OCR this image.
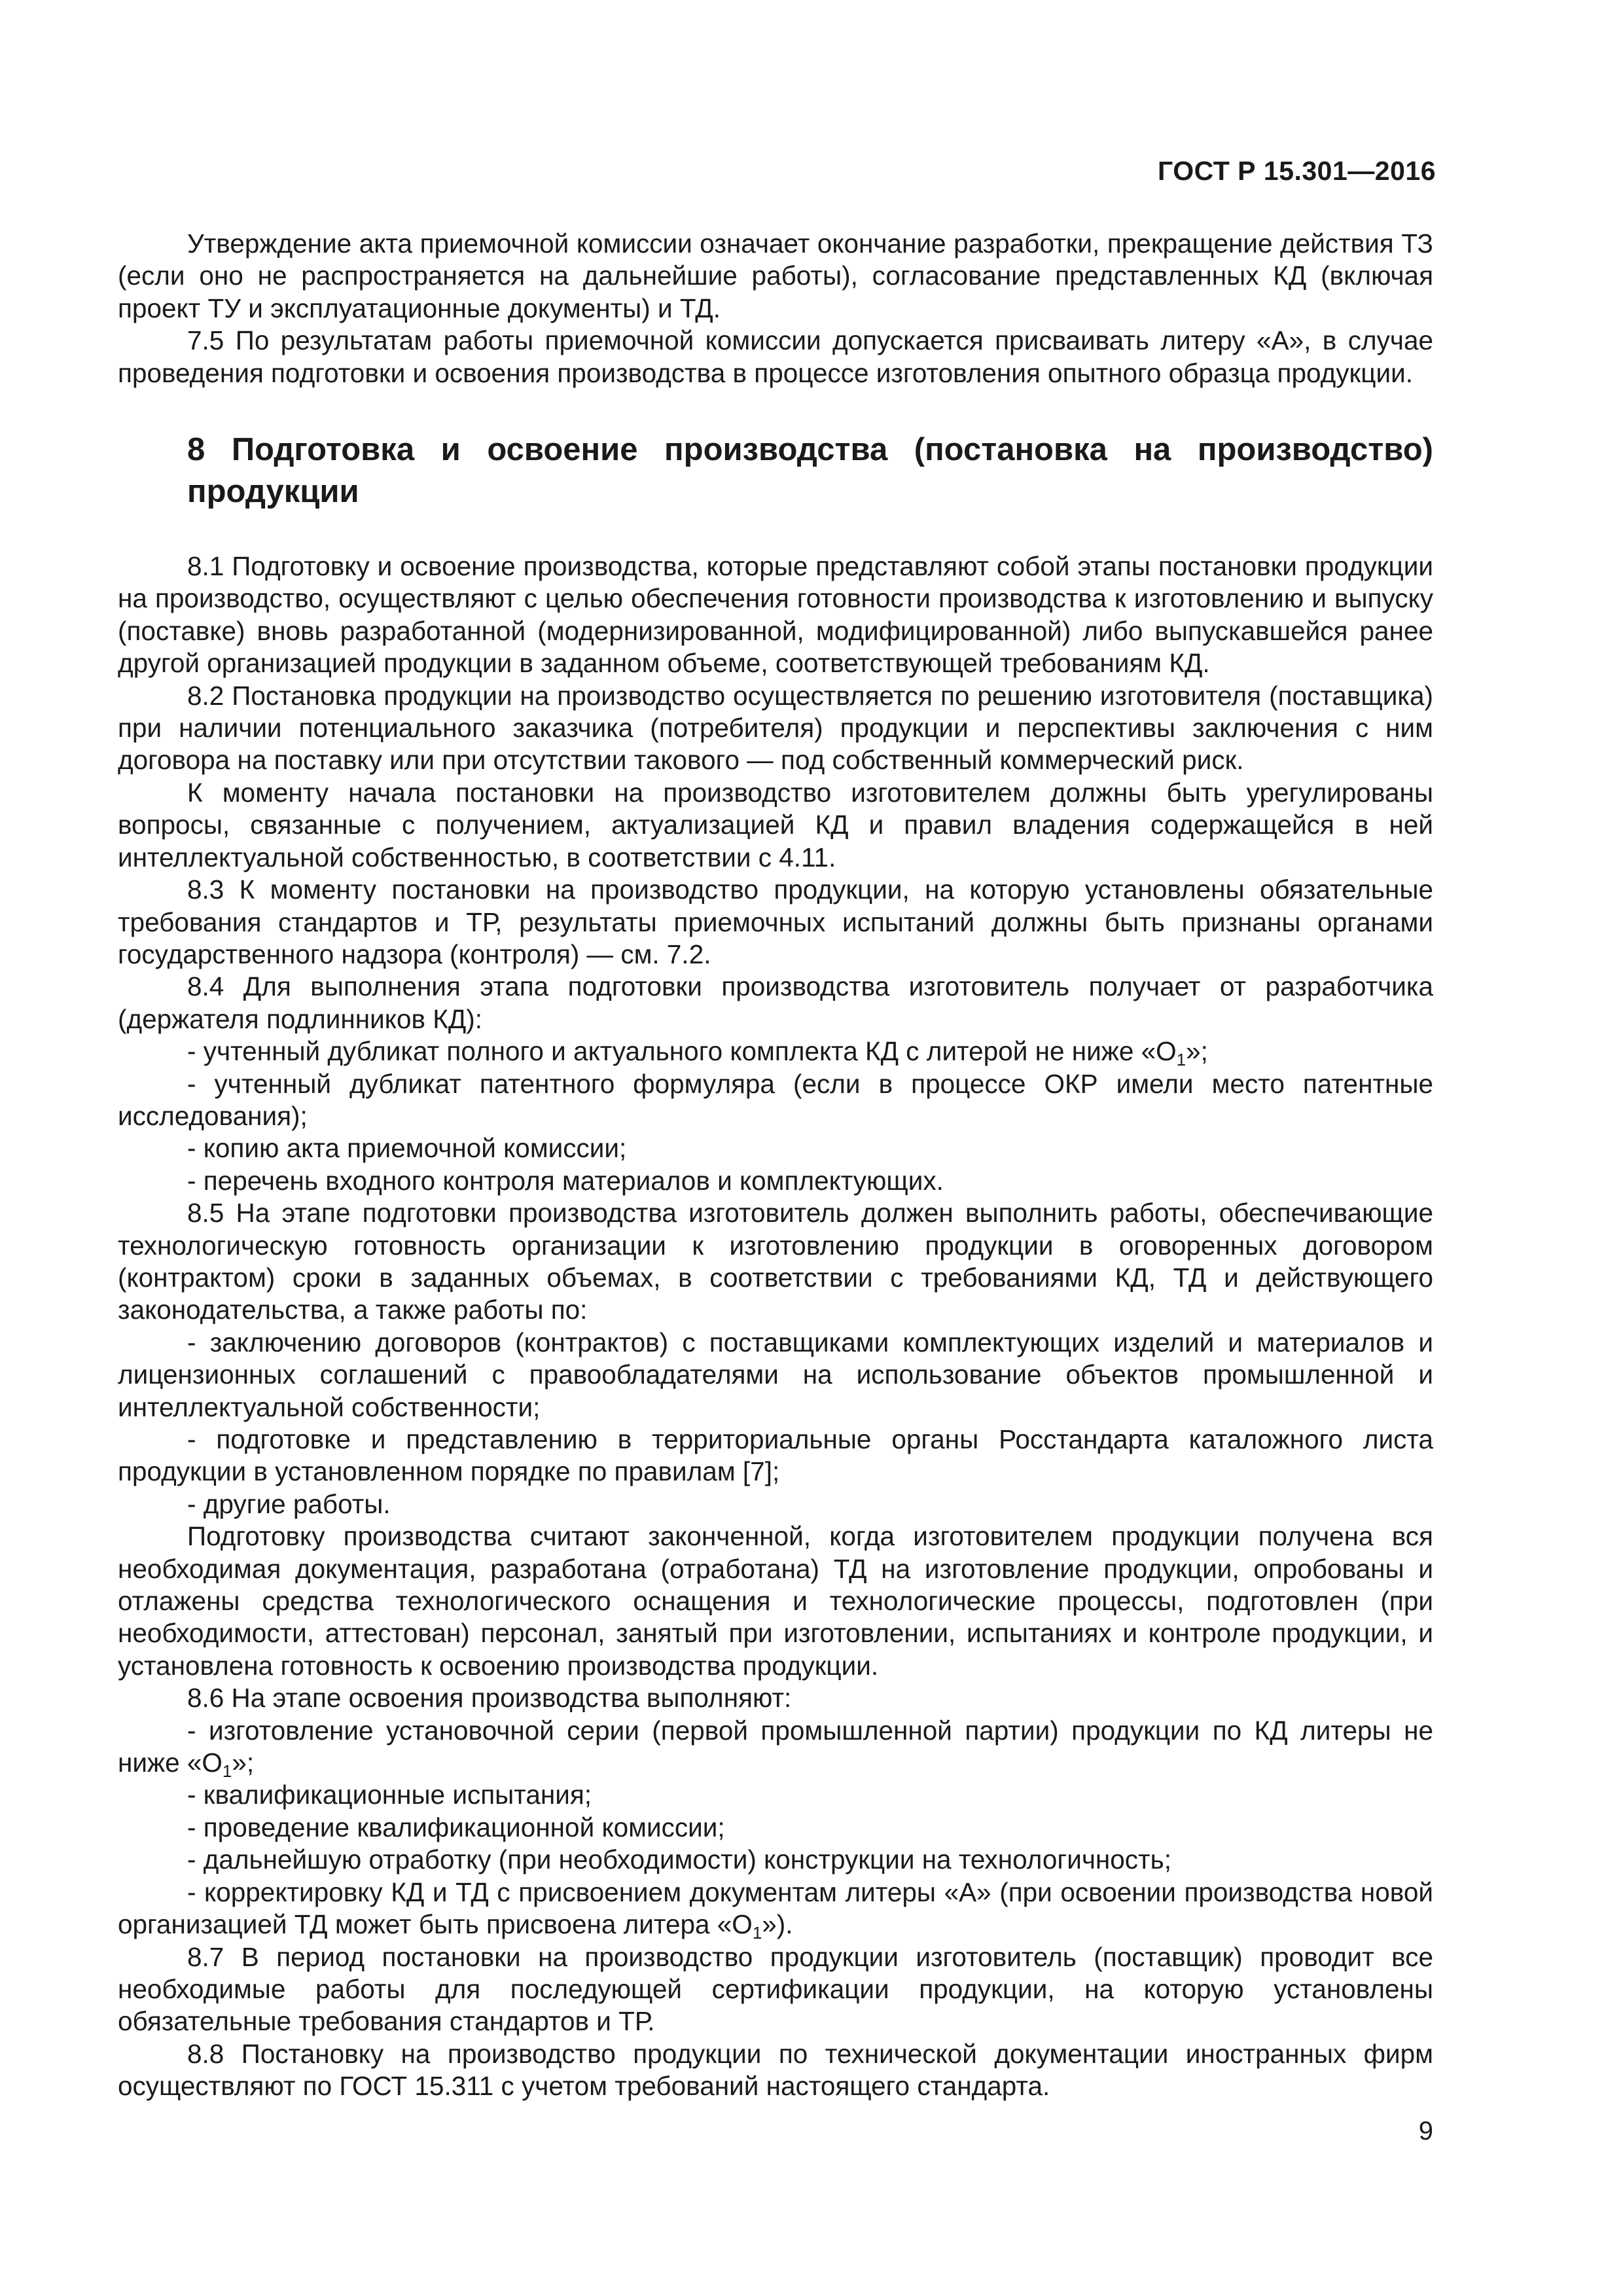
ГОСТ Р 15.301—2016

Утверждение акта приемочной комиссии означает окончание разработки, прекращение действия ТЗ (если оно не распространяется на дальнейшие работы), согласование представленных КД (включая проект ТУ и эксплуатационные документы) и ТД.

7.5 По результатам работы приемочной комиссии допускается присваивать литеру «А», в случае проведения подготовки и освоения производства в процессе изготовления опытного образца продукции.

8 Подготовка и освоение производства (постановка на производство) продукции

8.1 Подготовку и освоение производства, которые представляют собой этапы постановки продукции на производство, осуществляют с целью обеспечения готовности производства к изготовлению и выпуску (поставке) вновь разработанной (модернизированной, модифицированной) либо выпускавшейся ранее другой организацией продукции в заданном объеме, соответствующей требованиям КД.

8.2 Постановка продукции на производство осуществляется по решению изготовителя (поставщика) при наличии потенциального заказчика (потребителя) продукции и перспективы заключения с ним договора на поставку или при отсутствии такового — под собственный коммерческий риск.

К моменту начала постановки на производство изготовителем должны быть урегулированы вопросы, связанные с получением, актуализацией КД и правил владения содержащейся в ней интеллектуальной собственностью, в соответствии с 4.11.

8.3 К моменту постановки на производство продукции, на которую установлены обязательные требования стандартов и ТР, результаты приемочных испытаний должны быть признаны органами государственного надзора (контроля) — см. 7.2.

8.4 Для выполнения этапа подготовки производства изготовитель получает от разработчика (держателя подлинников КД):

- учтенный дубликат полного и актуального комплекта КД с литерой не ниже «$О_1$»;

- учтенный дубликат патентного формуляра (если в процессе ОКР имели место патентные исследования);

- копию акта приемочной комиссии;

- перечень входного контроля материалов и комплектующих.

8.5 На этапе подготовки производства изготовитель должен выполнить работы, обеспечивающие технологическую готовность организации к изготовлению продукции в оговоренных договором (контрактом) сроки в заданных объемах, в соответствии с требованиями КД, ТД и действующего законодательства, а также работы по:

- заключению договоров (контрактов) с поставщиками комплектующих изделий и материалов и лицензионных соглашений с правообладателями на использование объектов промышленной и интеллектуальной собственности;

- подготовке и представлению в территориальные органы Росстандарта каталожного листа продукции в установленном порядке по правилам [7];

- другие работы.

Подготовку производства считают законченной, когда изготовителем продукции получена вся необходимая документация, разработана (отработана) ТД на изготовление продукции, опробованы и отлажены средства технологического оснащения и технологические процессы, подготовлен (при необходимости, аттестован) персонал, занятый при изготовлении, испытаниях и контроле продукции, и установлена готовность к освоению производства продукции.

8.6 На этапе освоения производства выполняют:

- изготовление установочной серии (первой промышленной партии) продукции по КД литеры не ниже «$О_1$»;

- квалификационные испытания;

- проведение квалификационной комиссии;

- дальнейшую отработку (при необходимости) конструкции на технологичность;

- корректировку КД и ТД с присвоением документам литеры «А» (при освоении производства новой организацией ТД может быть присвоена литера «$О_1$»).

8.7 В период постановки на производство продукции изготовитель (поставщик) проводит все необходимые работы для последующей сертификации продукции, на которую установлены обязательные требования стандартов и ТР.

8.8 Постановку на производство продукции по технической документации иностранных фирм осуществляют по ГОСТ 15.311 с учетом требований настоящего стандарта.

9
